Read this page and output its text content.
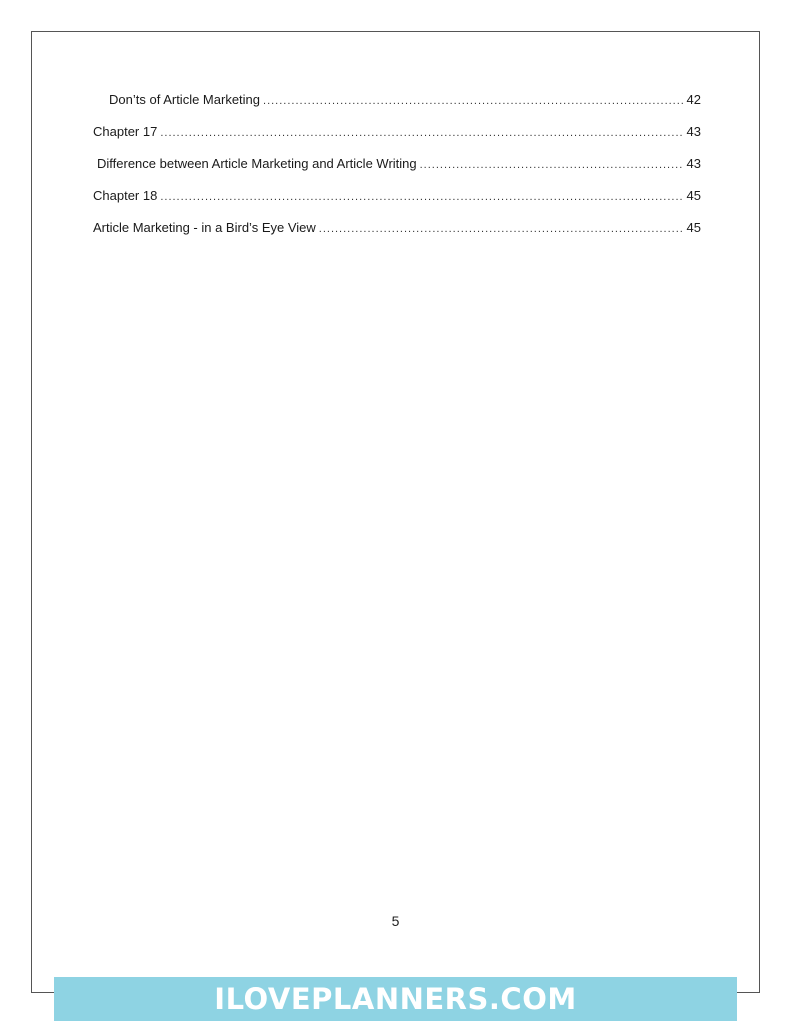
Don’ts of Article Marketing .....	42
Chapter 17 .....	43
Difference between Article Marketing and Article Writing .....	43
Chapter 18 .....	45
Article Marketing - in a Bird’s Eye View .....	45
5
ILOVEPLANNERS.COM
